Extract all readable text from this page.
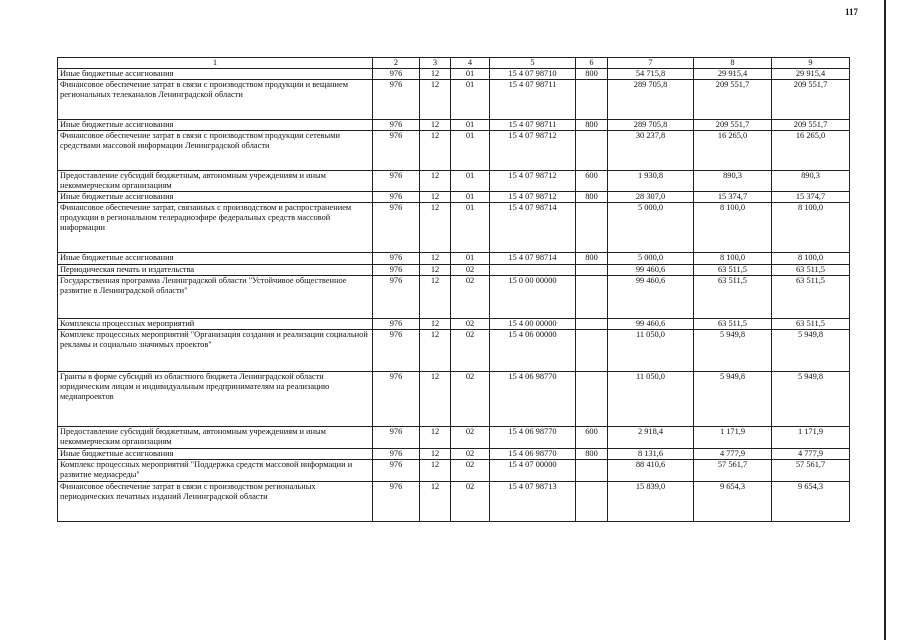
117
1	2	3	4	5	6	7	8	9
Иные бюджетные ассигнования	976	12	01	15 4 07 98710	800	54 715,8	29 915,4	29 915,4
Финансовое обеспечение затрат в связи с производством продукции и вещанием региональных телеканалов Ленинградской области	976	12	01	15 4 07 98711		289 705,8	209 551,7	209 551,7
Иные бюджетные ассигнования	976	12	01	15 4 07 98711	800	289 705,8	209 551,7	209 551,7
Финансовое обеспечение затрат в связи с производством продукции сетевыми средствами массовой информации Ленинградской области	976	12	01	15 4 07 98712		30 237,8	16 265,0	16 265,0
Предоставление субсидий бюджетным, автономным учреждениям и иным некоммерческим организациям	976	12	01	15 4 07 98712	600	1 930,8	890,3	890,3
Иные бюджетные ассигнования	976	12	01	15 4 07 98712	800	28 307,0	15 374,7	15 374,7
Финансовое обеспечение затрат, связанных с производством и распространением продукции в региональном телерадиоэфире федеральных средств массовой информации	976	12	01	15 4 07 98714		5 000,0	8 100,0	8 100,0
Иные бюджетные ассигнования	976	12	01	15 4 07 98714	800	5 000,0	8 100,0	8 100,0
Периодическая печать и издательства	976	12	02			99 460,6	63 511,5	63 511,5
Государственная программа Ленинградской области "Устойчивое общественное развитие в Ленинградской области"	976	12	02	15 0 00 00000		99 460,6	63 511,5	63 511,5
Комплексы процессных мероприятий	976	12	02	15 4 00 00000		99 460,6	63 511,5	63 511,5
Комплекс процессных мероприятий "Организация создания и реализации социальной рекламы и социально значимых проектов"	976	12	02	15 4 06 00000		11 050,0	5 949,8	5 949,8
Гранты в форме субсидий из областного бюджета Ленинградской области юридическим лицам и индивидуальным предпринимателям на реализацию медиапроектов	976	12	02	15 4 06 98770		11 050,0	5 949,8	5 949,8
Предоставление субсидий бюджетным, автономным учреждениям и иным некоммерческим организациям	976	12	02	15 4 06 98770	600	2 918,4	1 171,9	1 171,9
Иные бюджетные ассигнования	976	12	02	15 4 06 98770	800	8 131,6	4 777,9	4 777,9
Комплекс процессных мероприятий "Поддержка средств массовой информации и развитие медиасреды"	976	12	02	15 4 07 00000		88 410,6	57 561,7	57 561,7
Финансовое обеспечение затрат в связи с производством региональных периодических печатных изданий Ленинградской области	976	12	02	15 4 07 98713		15 839,0	9 654,3	9 654,3
